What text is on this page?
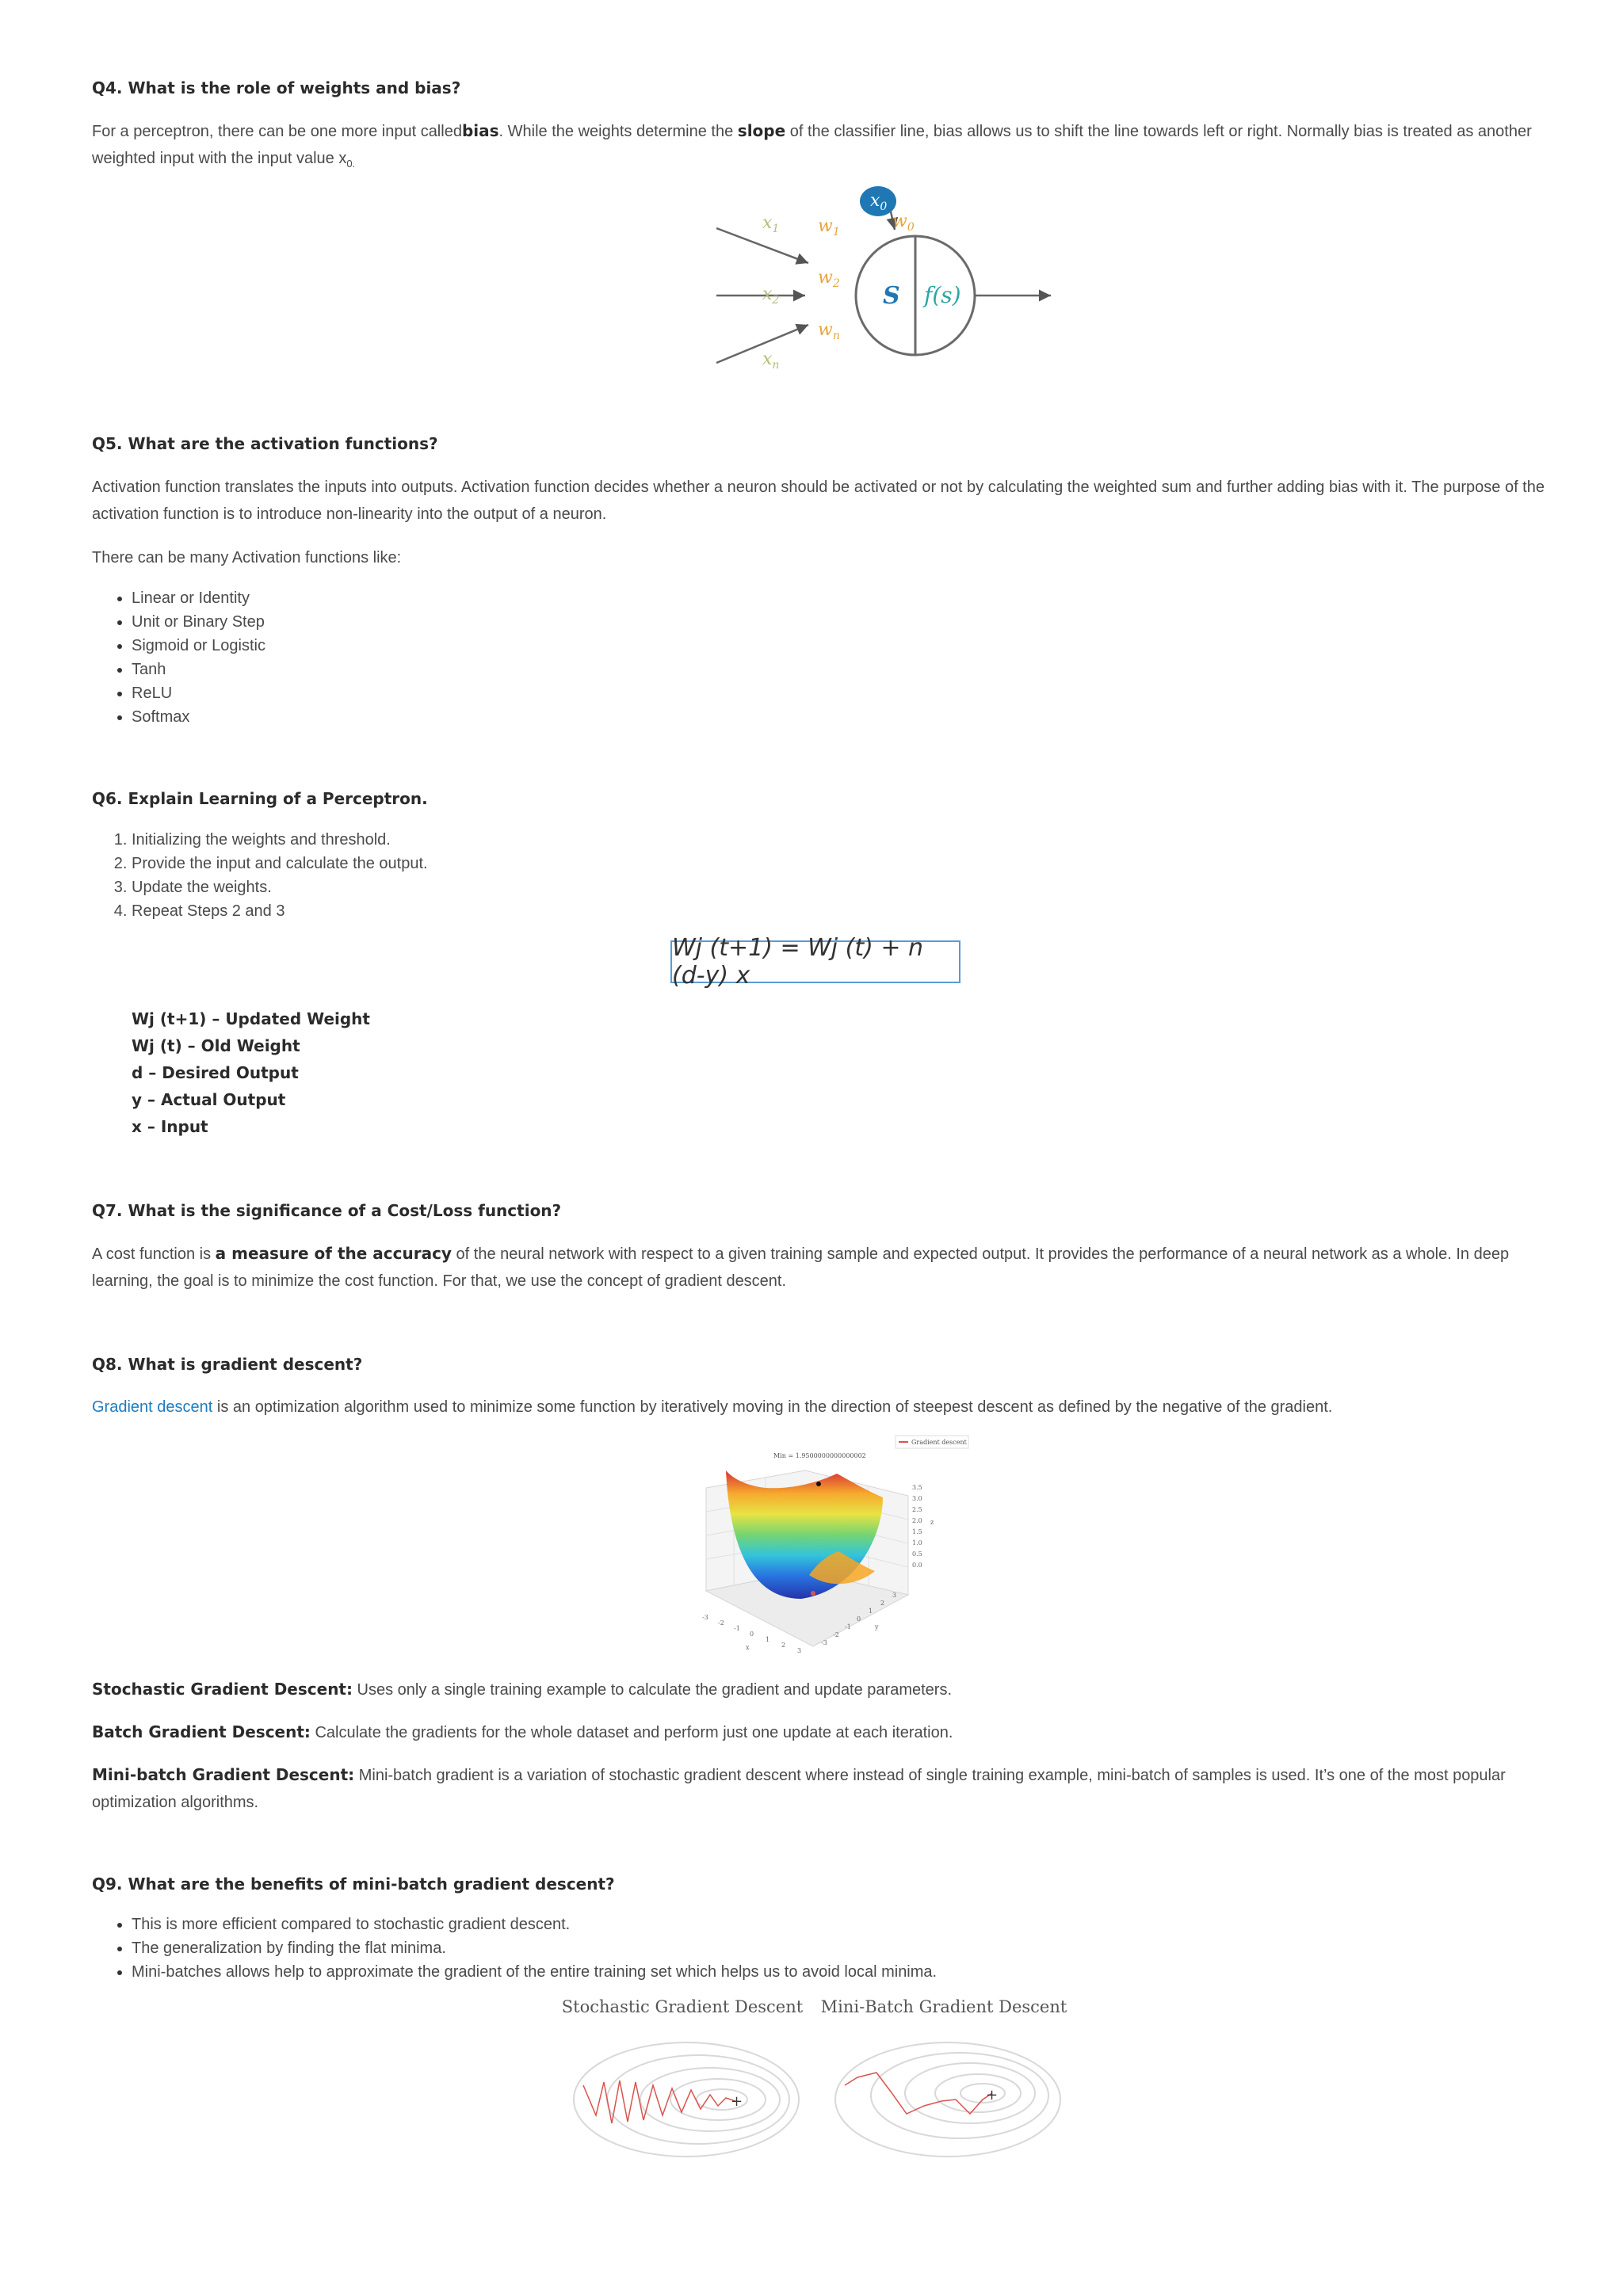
Q4. What is the role of weights and bias?

For a perceptron, there can be one more input calledbias. While the weights determine the slope of the classifier line, bias allows us to shift the line towards left or right. Normally bias is treated as another weighted input with the input value $x_{0.}$

$x_0$
$x_1$
$x_2$
$x_n$
$w_0$
$w_1$
$w_2$
$w_n$
S f(s)
Q5. What are the activation functions?

Activation function translates the inputs into outputs. Activation function decides whether a neuron should be activated or not by calculating the weighted sum and further adding bias with it. The purpose of the activation function is to introduce non-linearity into the output of a neuron.

There can be many Activation functions like:

• Linear or Identity
• Unit or Binary Step
• Sigmoid or Logistic
• Tanh
• ReLU
• Softmax
Q6. Explain Learning of a Perceptron.
1. Initializing the weights and threshold.
2. Provide the input and calculate the output.
3. Update the weights.
4. Repeat Steps 2 and 3
Wj (t+1) = Wj (t) + n (d-y) x
Wj (t+1) – Updated Weight
Wj (t) – Old Weight
d – Desired Output
y – Actual Output
x – Input
Q7. What is the significance of a Cost/Loss function?

A cost function is a measure of the accuracy of the neural network with respect to a given training sample and expected output. It provides the performance of a neural network as a whole. In deep learning, the goal is to minimize the cost function. For that, we use the concept of gradient descent.

Q8. What is gradient descent?

Gradient descent is an optimization algorithm used to minimize some function by iteratively moving in the direction of steepest descent as defined by the negative of the gradient.

Gradient descent
Min = 1.9500000000000002
3.5
3.0
2.5
2.0
1.5
1.0
0.5
0.0
z
-3
-2
-1
0
1
2
3
x
-3
-2
-1
0
1
2
3
y

Stochastic Gradient Descent: Uses only a single training example to calculate the gradient and update parameters.

Batch Gradient Descent: Calculate the gradients for the whole dataset and perform just one update at each iteration.

Mini-batch Gradient Descent: Mini-batch gradient is a variation of stochastic gradient descent where instead of single training example, mini-batch of samples is used. It’s one of the most popular optimization algorithms.

Q9. What are the benefits of mini-batch gradient descent?
• This is more efficient compared to stochastic gradient descent.
• The generalization by finding the flat minima.
• Mini-batches allows help to approximate the gradient of the entire training set which helps us to avoid local minima.
Stochastic Gradient Descent Mini-Batch Gradient Descent
+	+
